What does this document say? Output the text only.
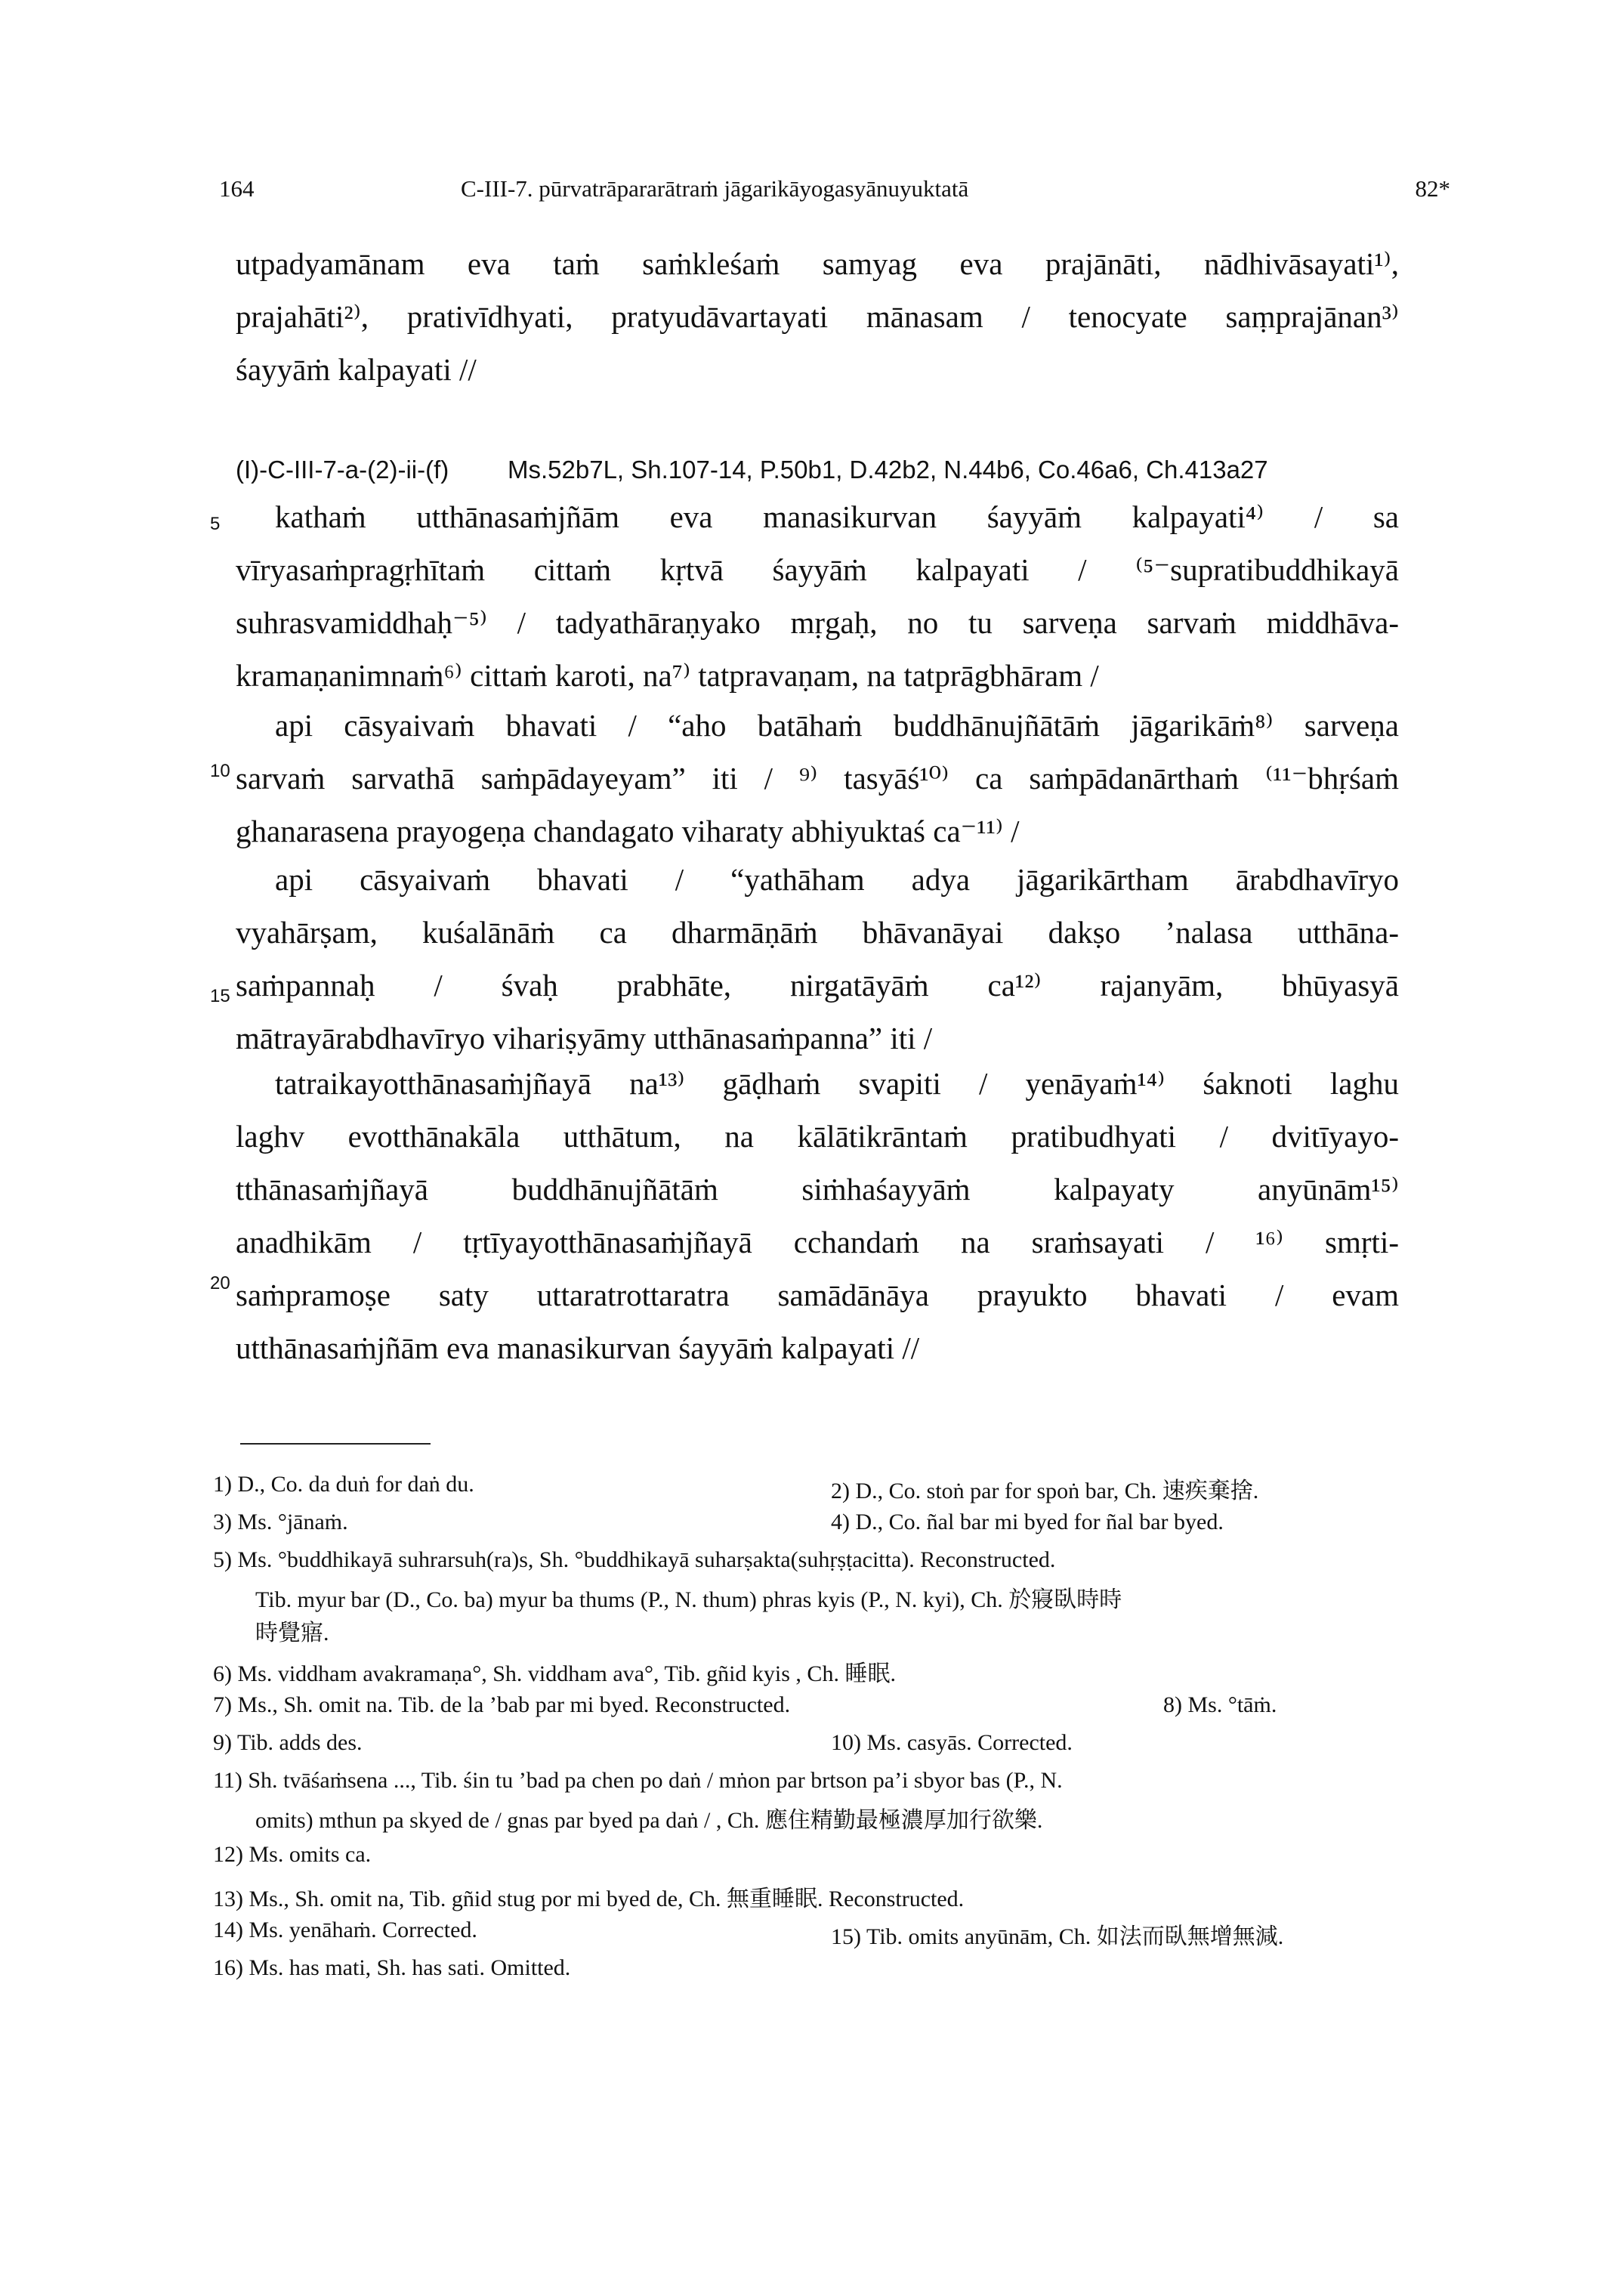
164	C-III-7. pūrvatrāpararātraṁ jāgarikāyogasyānuyuktatā	82*
utpadyamānam eva taṁ saṁkleśaṁ samyag eva prajānāti, nādhivāsayati¹⁾,
prajahāti²⁾, prativīdhyati, pratyudāvartayati mānasam / tenocyate saṃprajānan³⁾
śayyāṁ kalpayati //
(I)-C-III-7-a-(2)-ii-(f) Ms.52b7L, Sh.107-14, P.50b1, D.42b2, N.44b6, Co.46a6, Ch.413a27
5
10
15
20
kathaṁ utthānasaṁjñām eva manasikurvan śayyāṁ kalpayati⁴⁾ / sa
vīryasaṁpragṛhītaṁ cittaṁ kṛtvā śayyāṁ kalpayati / ⁽⁵⁻supratibuddhikayā
suhrasvamiddhaḥ⁻⁵⁾ / tadyathāraṇyako mṛgaḥ, no tu sarveṇa sarvaṁ middhāva-
kramaṇanimnaṁ⁶⁾ cittaṁ karoti, na⁷⁾ tatpravaṇam, na tatprāgbhāram /
api cāsyaivaṁ bhavati / “aho batāhaṁ buddhānujñātāṁ jāgarikāṁ⁸⁾ sarveṇa
sarvaṁ sarvathā saṁpādayeyam” iti / ⁹⁾ tasyāś¹⁰⁾ ca saṁpādanārthaṁ ⁽¹¹⁻bhṛśaṁ
ghanarasena prayogeṇa chandagato viharaty abhiyuktaś ca⁻¹¹⁾ /
api cāsyaivaṁ bhavati / “yathāham adya jāgarikārtham ārabdhavīryo
vyahārṣam, kuśalānāṁ ca dharmāṇāṁ bhāvanāyai dakṣo ’nalasa utthāna-
saṁpannaḥ / śvaḥ prabhāte, nirgatāyāṁ ca¹²⁾ rajanyām, bhūyasyā
mātrayārabdhavīryo vihariṣyāmy utthānasaṁpanna” iti /
tatraikayotthānasaṁjñayā na¹³⁾ gāḍhaṁ svapiti / yenāyaṁ¹⁴⁾ śaknoti laghu
laghv evotthānakāla utthātum, na kālātikrāntaṁ pratibudhyati / dvitīyayo-
tthānasaṁjñayā buddhānujñātāṁ siṁhaśayyāṁ kalpayaty anyūnām¹⁵⁾
anadhikām / tṛtīyayotthānasaṁjñayā cchandaṁ na sraṁsayati / ¹⁶⁾ smṛti-
saṁpramoṣe saty uttaratrottaratra samādānāya prayukto bhavati / evam
utthānasaṁjñām eva manasikurvan śayyāṁ kalpayati //
1) D., Co. da duṅ for daṅ du.	2) D., Co. stoṅ par for spoṅ bar, Ch. 速疾棄捨.
3) Ms. °jānaṁ.	4) D., Co. ñal bar mi byed for ñal bar byed.
5) Ms. °buddhikayā suhrarsuh(ra)s, Sh. °buddhikayā suharṣakta(suhṛṣṭacitta). Reconstructed.
Tib. myur bar (D., Co. ba) myur ba thums (P., N. thum) phras kyis (P., N. kyi), Ch. 於寢臥時時
時覺寤.
6) Ms. viddham avakramaṇa°, Sh. viddham ava°, Tib. gñid kyis , Ch. 睡眠.
7) Ms., Sh. omit na. Tib. de la ’bab par mi byed. Reconstructed.	8) Ms. °tāṁ.
9) Tib. adds des.	10) Ms. casyās. Corrected.
11) Sh. tvāśaṁsena ..., Tib. śin tu ’bad pa chen po daṅ / mṅon par brtson pa’i sbyor bas (P., N.
omits) mthun pa skyed de / gnas par byed pa daṅ / , Ch. 應住精勤最極濃厚加行欲樂.
12) Ms. omits ca.
13) Ms., Sh. omit na, Tib. gñid stug por mi byed de, Ch. 無重睡眠. Reconstructed.
14) Ms. yenāhaṁ. Corrected.	15) Tib. omits anyūnām, Ch. 如法而臥無增無減.
16) Ms. has mati, Sh. has sati. Omitted.
